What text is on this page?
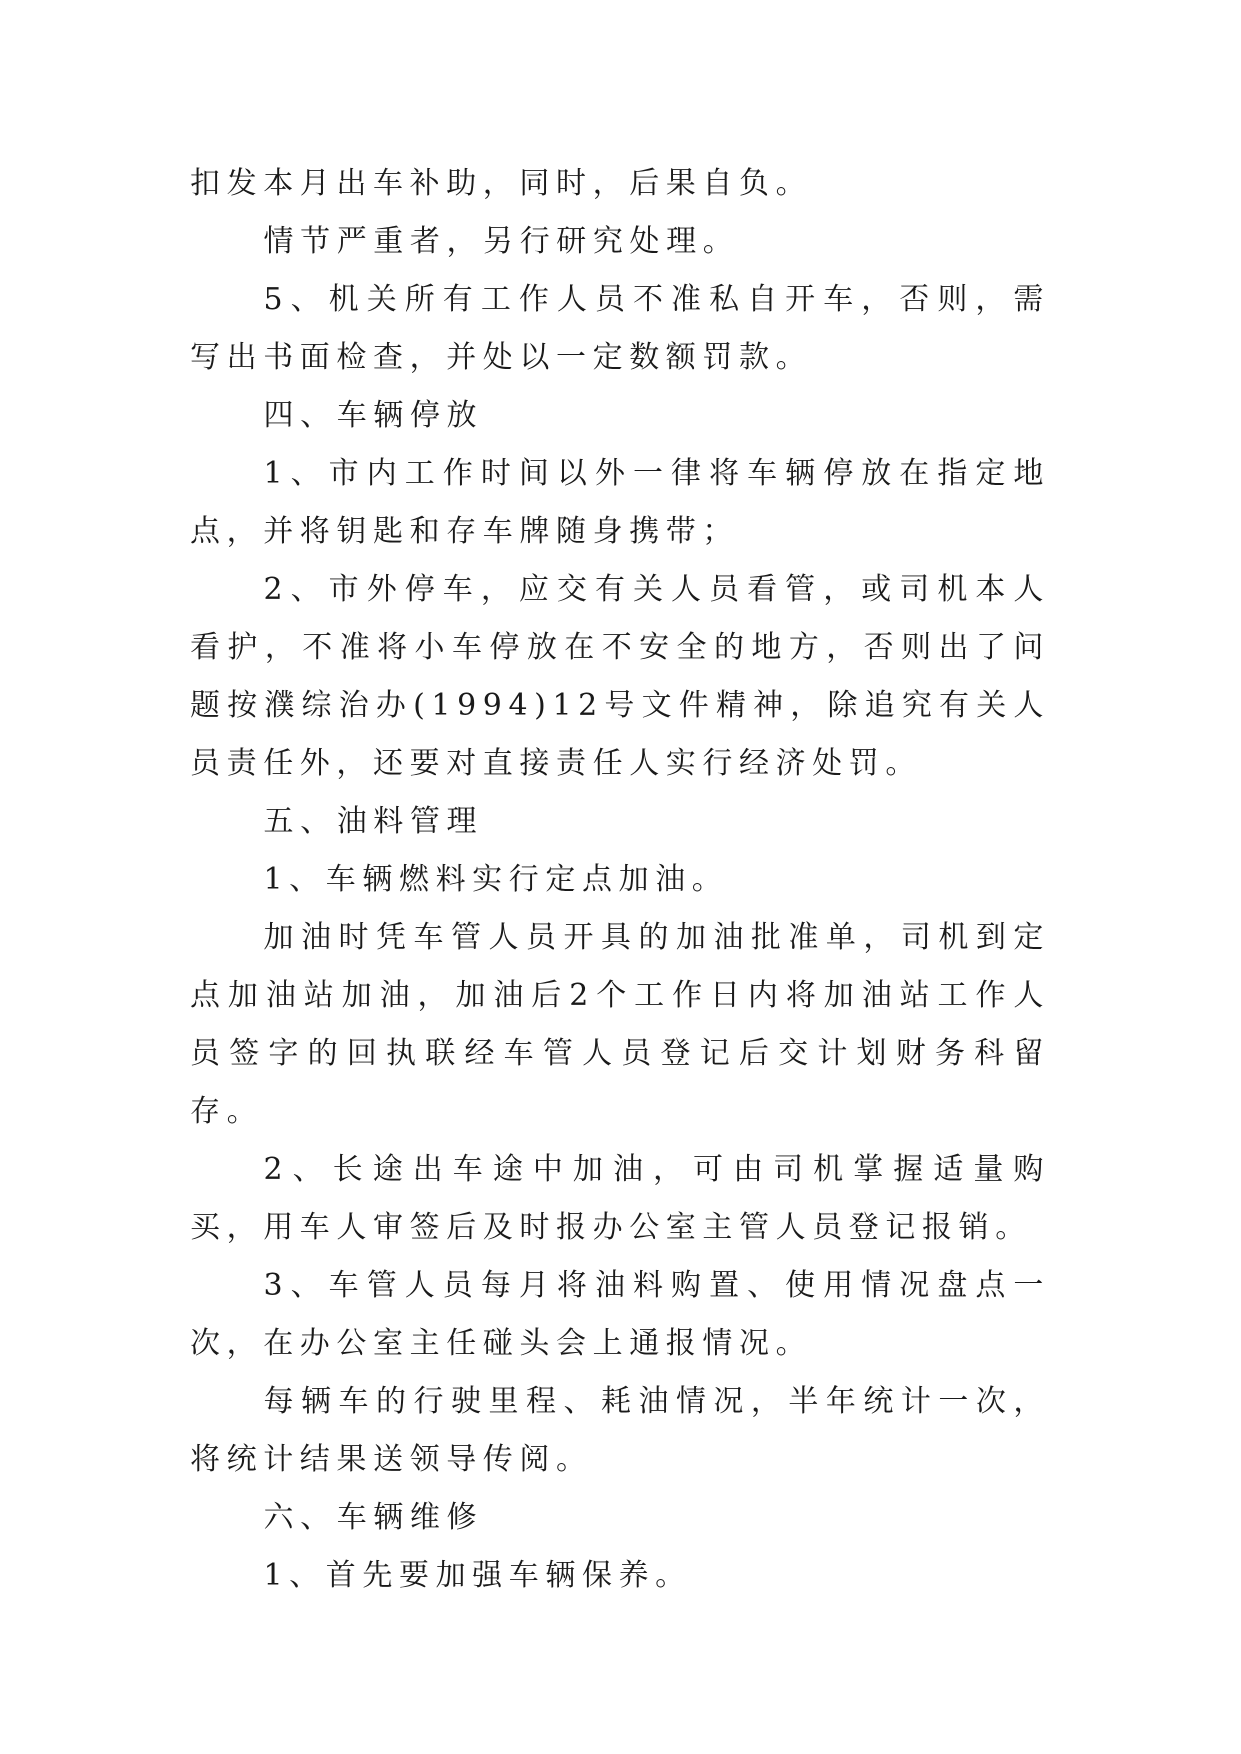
扣发本月出车补助，同时，后果自负。

情节严重者，另行研究处理。

5、机关所有工作人员不准私自开车，否则，需写出书面检查，并处以一定数额罚款。

四、车辆停放

1、市内工作时间以外一律将车辆停放在指定地点，并将钥匙和存车牌随身携带；

2、市外停车，应交有关人员看管，或司机本人看护，不准将小车停放在不安全的地方，否则出了问题按濮综治办(1994)12号文件精神，除追究有关人员责任外，还要对直接责任人实行经济处罚。

五、油料管理

1、车辆燃料实行定点加油。

加油时凭车管人员开具的加油批准单，司机到定点加油站加油，加油后2个工作日内将加油站工作人员签字的回执联经车管人员登记后交计划财务科留存。

2、长途出车途中加油，可由司机掌握适量购买，用车人审签后及时报办公室主管人员登记报销。

3、车管人员每月将油料购置、使用情况盘点一次，在办公室主任碰头会上通报情况。

每辆车的行驶里程、耗油情况，半年统计一次，将统计结果送领导传阅。

六、车辆维修

1、首先要加强车辆保养。
